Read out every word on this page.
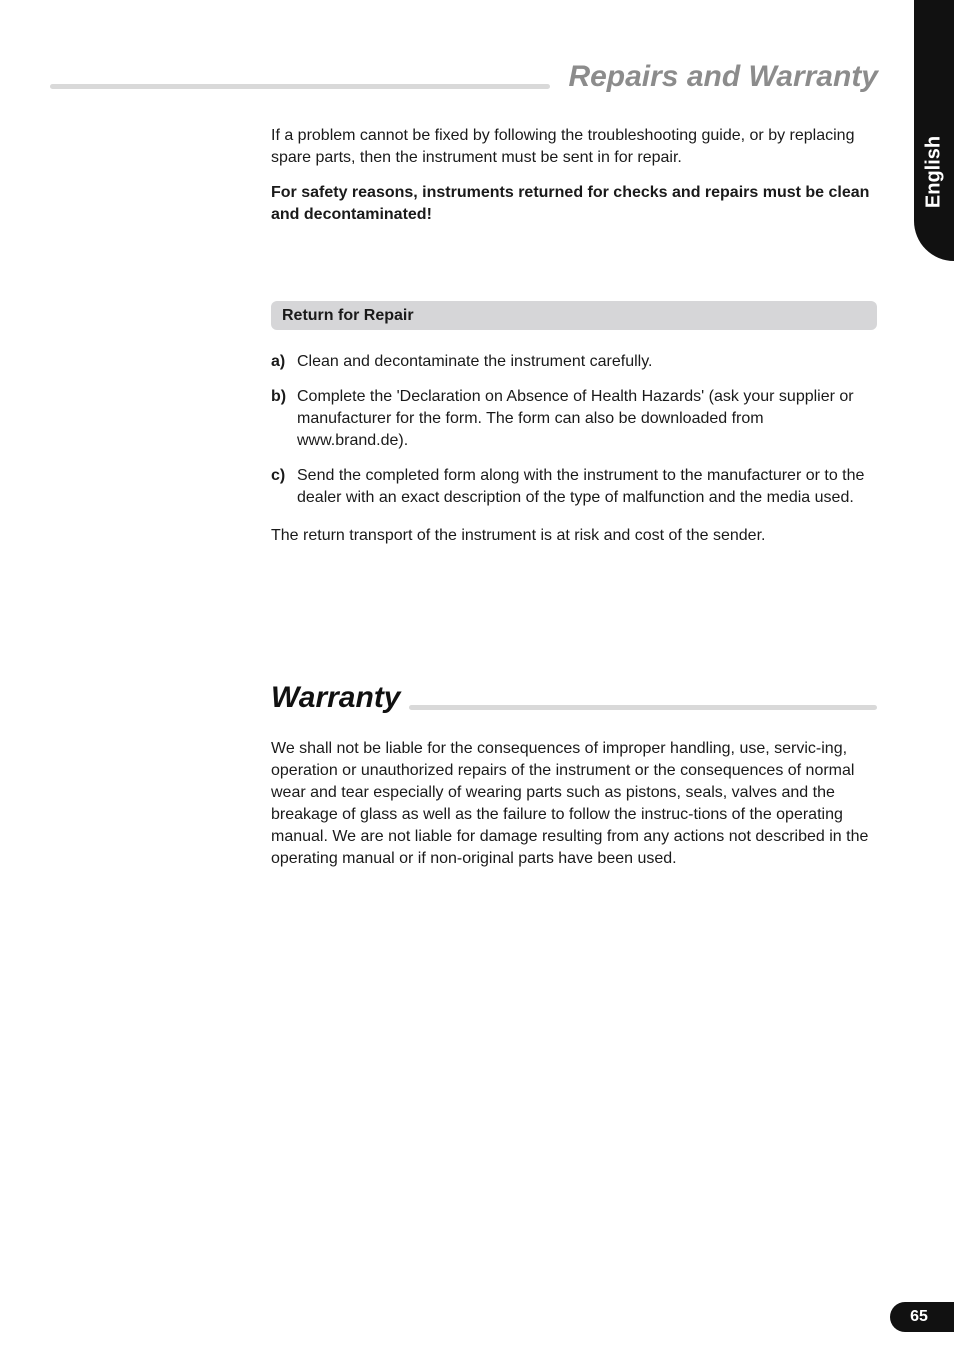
Repairs and Warranty
English

If a problem cannot be fixed by following the troubleshooting guide, or by replacing spare parts, then the instrument must be sent in for repair.

For safety reasons, instruments returned for checks and repairs must be clean and decontaminated!

Return for Repair
a) Clean and decontaminate the instrument carefully.
b) Complete the 'Declaration on Absence of Health Hazards' (ask your supplier or manufacturer for the form. The form can also be downloaded from www.brand.de).
c) Send the completed form along with the instrument to the manufacturer or to the dealer with an exact description of the type of malfunction and the media used.

The return transport of the instrument is at risk and cost of the sender.

Warranty

We shall not be liable for the consequences of improper handling, use, servic-ing, operation or unauthorized repairs of the instrument or the consequences of normal wear and tear especially of wearing parts such as pistons, seals, valves and the breakage of glass as well as the failure to follow the instruc-tions of the operating manual. We are not liable for damage resulting from any actions not described in the operating manual or if non-original parts have been used.

65
